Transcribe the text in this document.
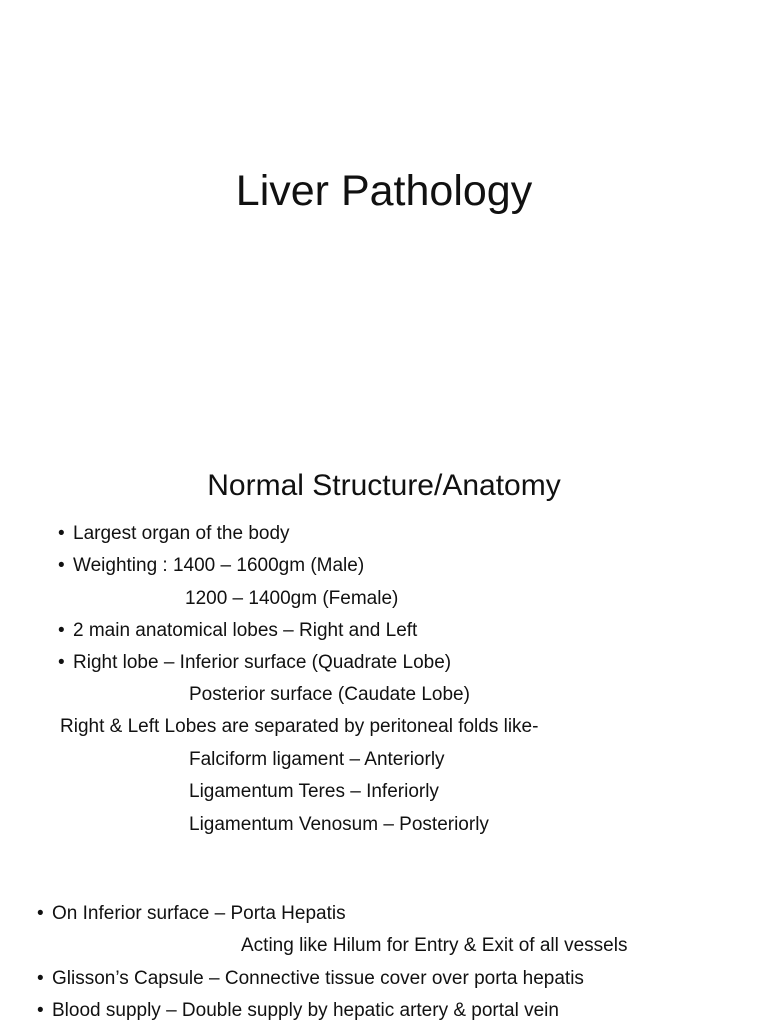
Liver Pathology
Normal Structure/Anatomy
• Largest organ of the body
• Weighting : 1400 – 1600gm (Male)
1200 – 1400gm (Female)
• 2 main anatomical lobes – Right and Left
• Right lobe – Inferior surface (Quadrate Lobe)
Posterior surface (Caudate Lobe)
Right & Left Lobes are separated by peritoneal folds like-
Falciform ligament – Anteriorly
Ligamentum Teres – Inferiorly
Ligamentum Venosum – Posteriorly
• On Inferior surface – Porta Hepatis
Acting like Hilum for Entry & Exit of all vessels
• Glisson’s Capsule – Connective tissue cover over porta hepatis
• Blood supply – Double supply by hepatic artery & portal vein
